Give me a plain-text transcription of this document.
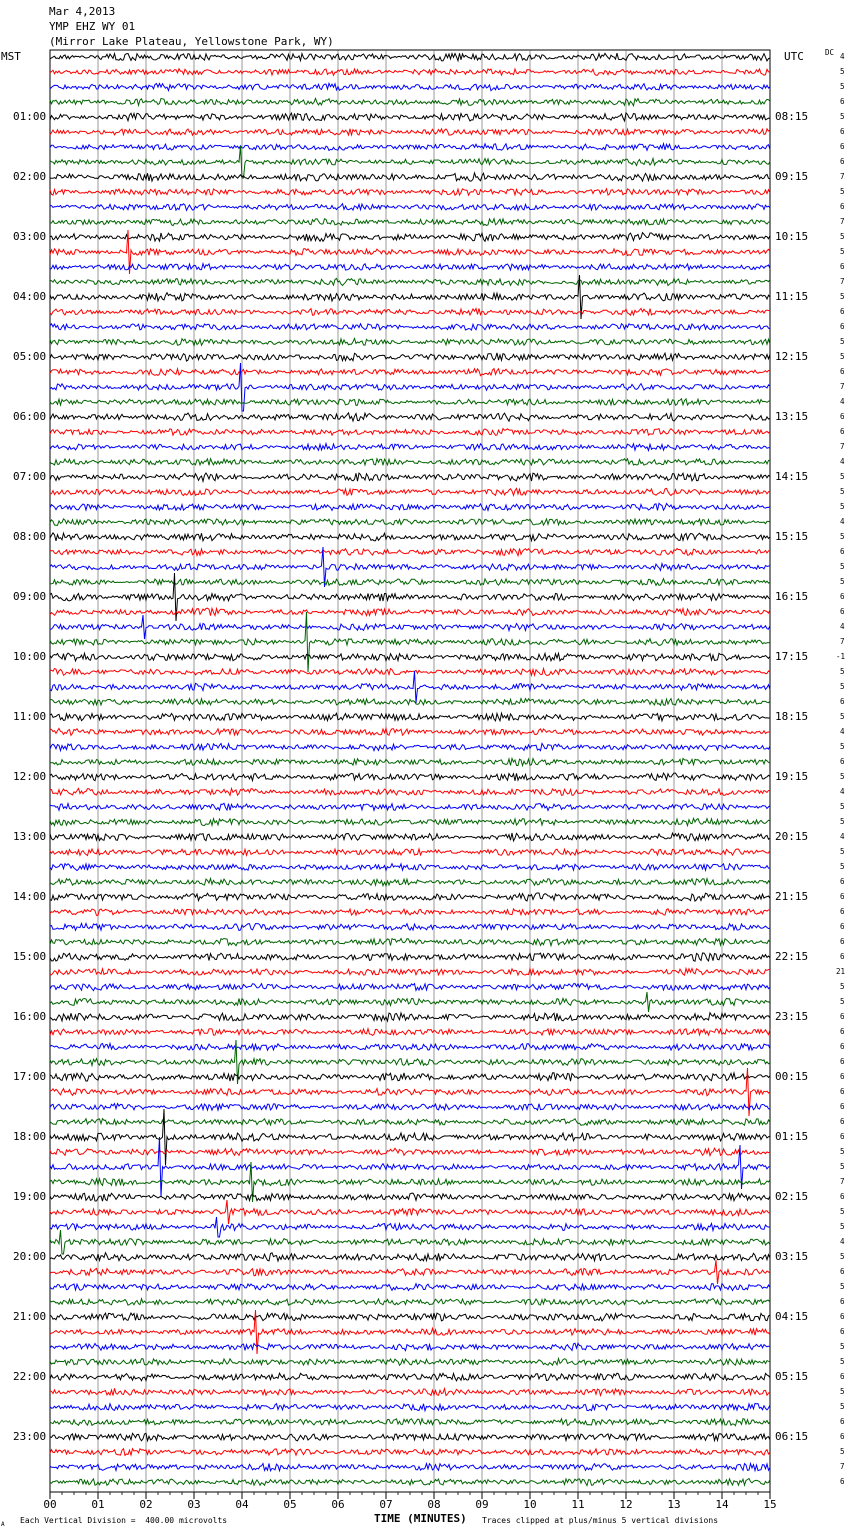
Mar 4,2013
YMP EHZ WY 01
(Mirror Lake Plateau, Yellowstone Park, WY)
MST	UTC	DC
01:00
02:00
03:00
04:00
05:00
06:00
07:00
08:00
09:00
10:00
11:00
12:00
13:00
14:00
15:00
16:00
17:00
18:00
19:00
20:00
21:00
22:00
23:00
08:15
09:15
10:15
11:15
12:15
13:15
14:15
15:15
16:15
17:15
18:15
19:15
20:15
21:15
22:15
23:15
00:15
01:15
02:15
03:15
04:15
05:15
06:15
4
5
5
6
5
6
6
6
7
5
6
7
5
5
6
7
5
6
6
5
5
6
7
4
6
6
7
4
5
5
5
4
5
6
5
5
6
6
4
7
-1
5
5
6
5
4
5
6
5
4
5
5
4
5
5
6
6
6
6
6
6
21
5
5
6
6
6
6
6
6
6
6
6
5
5
7
6
5
5
4
5
6
5
6
6
6
5
5
6
5
5
6
6
5
7
6
00	01	02	03	04	05	06	07	08	09	10	11	12	13	14	15
TIME (MINUTES)
A Each Vertical Division =  400.00 microvolts	Traces clipped at plus/minus 5 vertical divisions
